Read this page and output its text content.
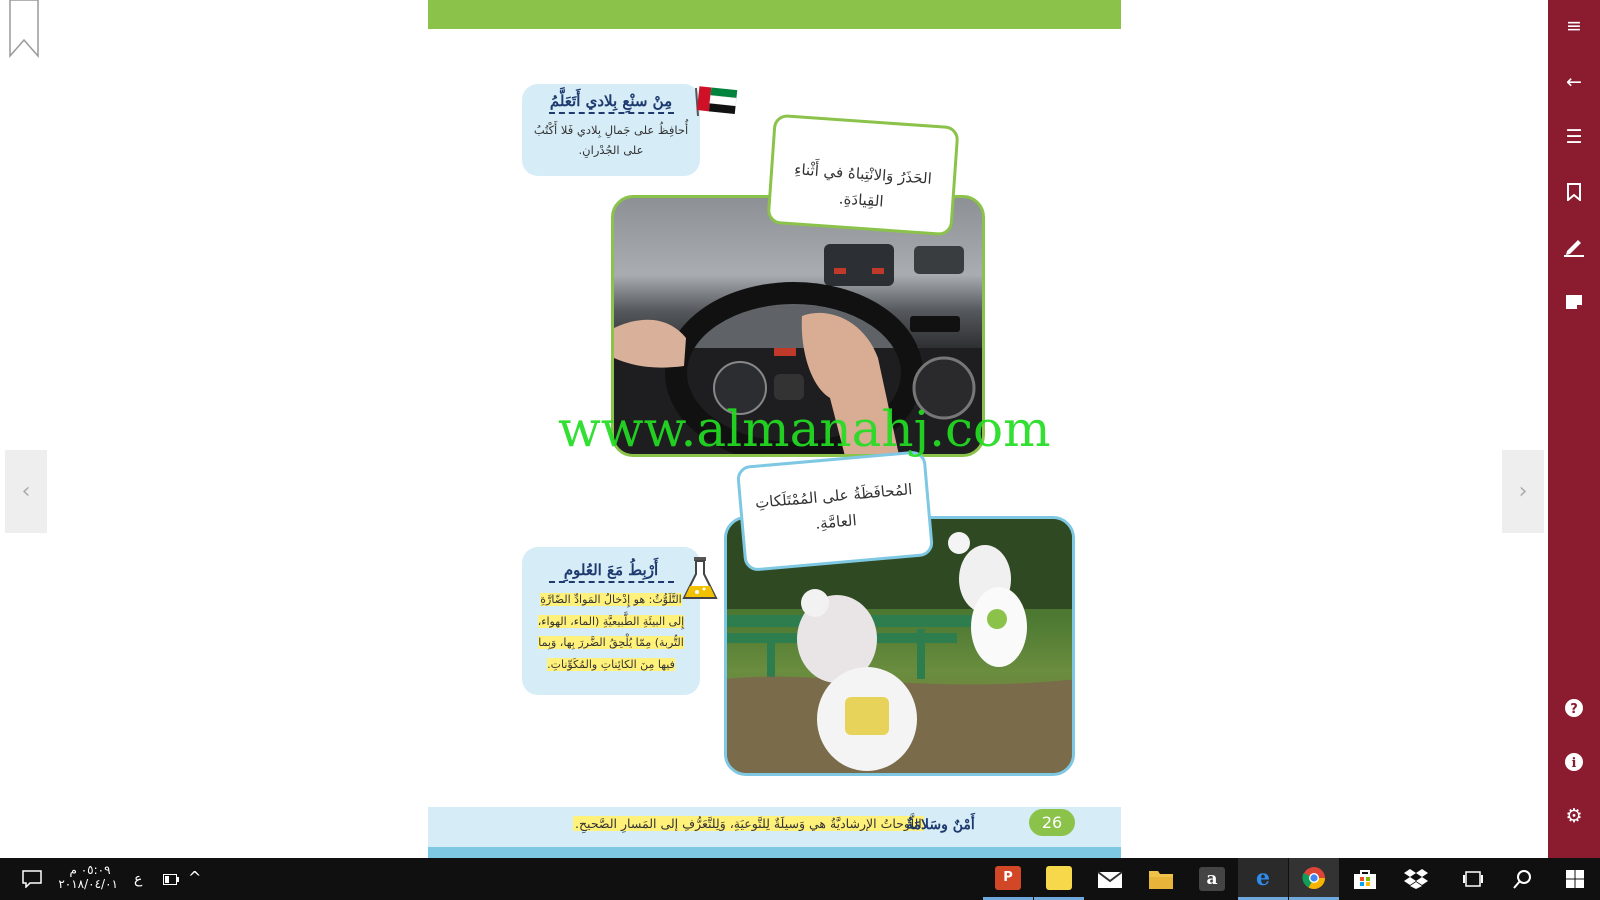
‹	›
مِنْ سنْعِ بِلادي أَتَعَلَّمُ
أُحافِظُ على جَمالِ بِلادي فَلا أَكْتُبُ
على الجُدْرانِ.
الحَذَرُ وَالانْتِباهُ في أَثْناءِ القِيادَةِ.
المُحافَظَةُ على المُمْتَلَكاتِ
العامَّةِ.
أَرْبِطُ مَعَ العُلومِ
التَّلَوُّثُ: هو إِدْخالُ المَوادِّ الضّارَّةِ
إِلى البيئَةِ الطَّبيعيَّةِ (الماء، الهواء،
التُّربة) مِمّا يُلْحِقُ الضَّررَ بِها، وَبِما
فيها مِنَ الكائِناتِ والمُكَوِّناتِ.
اللَّوحاتُ الإرشاديَّةُ هي وَسيلَةٌ لِلتَّوعيَةِ، وَلِلتَّعَرُّفِ إلى المَسارِ الصَّحيحِ.
أَمْنٌ وسَلامَةٌ	26
www.almanahj.com
≡
←
☰
?
i
⚙
٠٥:٠٩ م
٢٠١٨/٠٤/٠١ ع	^	P	a	e
